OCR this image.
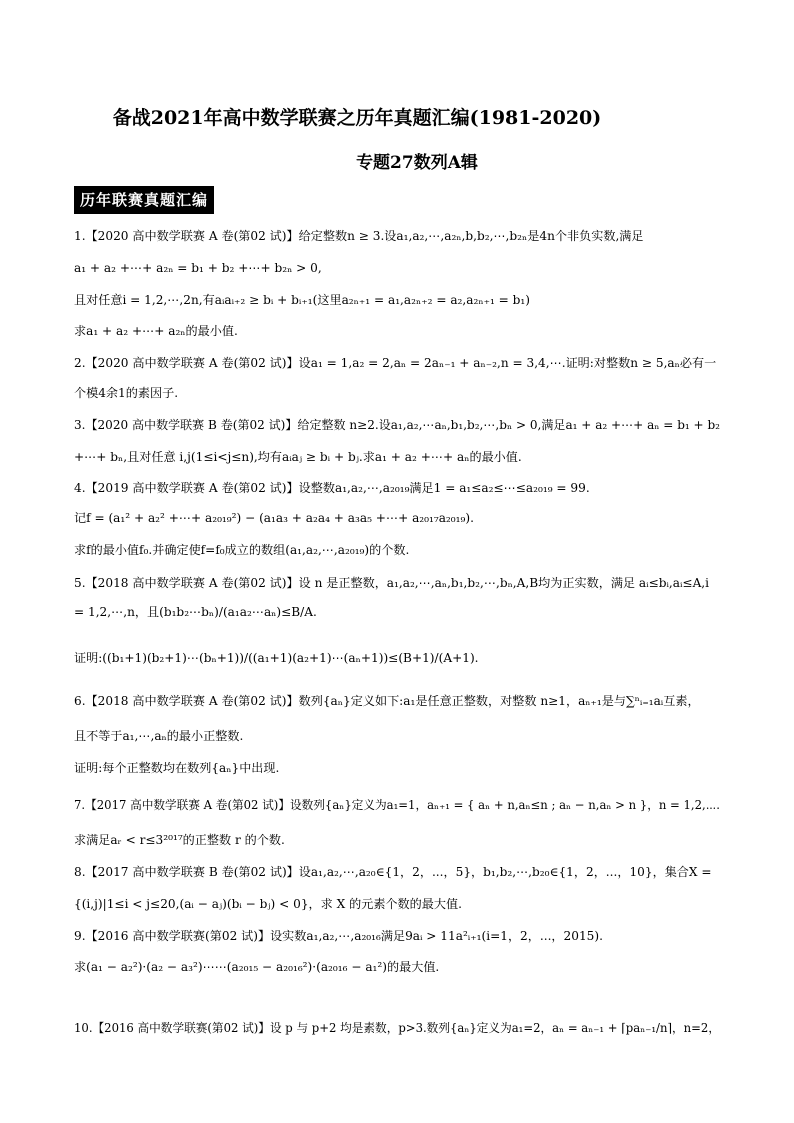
备战2021年高中数学联赛之历年真题汇编(1981-2020)
专题27数列A辑
历年联赛真题汇编
1.【2020 高中数学联赛 A 卷(第02 试)】给定整数n ≥ 3.设a₁,a₂,⋯,a₂ₙ,b,b₂,⋯,b₂ₙ是4n个非负实数,满足
a₁ + a₂ +⋯+ a₂ₙ = b₁ + b₂ +⋯+ b₂ₙ > 0,
且对任意i = 1,2,⋯,2n,有aᵢaᵢ₊₂ ≥ bᵢ + bᵢ₊₁(这里a₂ₙ₊₁ = a₁,a₂ₙ₊₂ = a₂,a₂ₙ₊₁ = b₁)
求a₁ + a₂ +⋯+ a₂ₙ的最小值.
2.【2020 高中数学联赛 A 卷(第02 试)】设a₁ = 1,a₂ = 2,aₙ = 2aₙ₋₁ + aₙ₋₂,n = 3,4,⋯.证明:对整数n ≥ 5,aₙ必有一
个模4余1的素因子.
3.【2020 高中数学联赛 B 卷(第02 试)】给定整数 n≥2.设a₁,a₂,⋯aₙ,b₁,b₂,⋯,bₙ > 0,满足a₁ + a₂ +⋯+ aₙ = b₁ + b₂
+⋯+ bₙ,且对任意 i,j(1≤i<j≤n),均有aᵢaⱼ ≥ bᵢ + bⱼ.求a₁ + a₂ +⋯+ aₙ的最小值.
4.【2019 高中数学联赛 A 卷(第02 试)】设整数a₁,a₂,⋯,a₂₀₁₉满足1 = a₁≤a₂≤⋯≤a₂₀₁₉ = 99.
记f = (a₁² + a₂² +⋯+ a₂₀₁₉²) − (a₁a₃ + a₂a₄ + a₃a₅ +⋯+ a₂₀₁₇a₂₀₁₉).
求f的最小值f₀.并确定使f=f₀成立的数组(a₁,a₂,⋯,a₂₀₁₉)的个数.
5.【2018 高中数学联赛 A 卷(第02 试)】设 n 是正整数，a₁,a₂,⋯,aₙ,b₁,b₂,⋯,bₙ,A,B均为正实数，满足 aᵢ≤bᵢ,aᵢ≤A,i
= 1,2,⋯,n，且(b₁b₂⋯bₙ)/(a₁a₂⋯aₙ)≤B/A.
证明:((b₁+1)(b₂+1)⋯(bₙ+1))/((a₁+1)(a₂+1)⋯(aₙ+1))≤(B+1)/(A+1).
6.【2018 高中数学联赛 A 卷(第02 试)】数列{aₙ}定义如下:a₁是任意正整数，对整数 n≥1，aₙ₊₁是与∑ⁿᵢ₌₁aᵢ互素，
且不等于a₁,⋯,aₙ的最小正整数.
证明:每个正整数均在数列{aₙ}中出现.
7.【2017 高中数学联赛 A 卷(第02 试)】设数列{aₙ}定义为a₁=1，aₙ₊₁ = { aₙ + n,aₙ≤n ; aₙ − n,aₙ > n }，n = 1,2,⋯.
求满足aᵣ < r≤3²⁰¹⁷的正整数 r 的个数.
8.【2017 高中数学联赛 B 卷(第02 试)】设a₁,a₂,⋯,a₂₀∈{1，2，...，5}，b₁,b₂,⋯,b₂₀∈{1，2，...，10}，集合X =
{(i,j)|1≤i < j≤20,(aᵢ − aⱼ)(bᵢ − bⱼ) < 0}，求 X 的元素个数的最大值.
9.【2016 高中数学联赛(第02 试)】设实数a₁,a₂,⋯,a₂₀₁₆满足9aᵢ > 11a²ᵢ₊₁(i=1，2，...，2015).
求(a₁ − a₂²)·(a₂ − a₃²)⋯⋯(a₂₀₁₅ − a₂₀₁₆²)·(a₂₀₁₆ − a₁²)的最大值.
10.【2016 高中数学联赛(第02 试)】设 p 与 p+2 均是素数，p>3.数列{aₙ}定义为a₁=2，aₙ = aₙ₋₁ + ⌈paₙ₋₁/n⌉，n=2，
